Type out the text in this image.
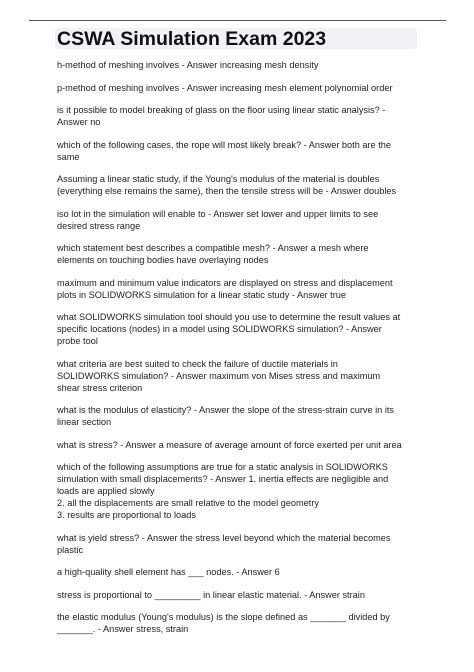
CSWA Simulation Exam 2023

h-method of meshing involves - Answer increasing mesh density

p-method of meshing involves - Answer increasing mesh element polynomial order

is it possible to model breaking of glass on the floor using linear static analysis? -
Answer no

which of the following cases, the rope will most likely break? - Answer both are the
same

Assuming a linear static study, if the Young's modulus of the material is doubles
(everything else remains the same), then the tensile stress will be - Answer doubles

iso lot in the simulation will enable to - Answer set lower and upper limits to see
desired stress range

which statement best describes a compatible mesh? - Answer a mesh where
elements on touching bodies have overlaying nodes

maximum and minimum value indicators are displayed on stress and displacement
plots in SOLIDWORKS simulation for a linear static study - Answer true

what SOLIDWORKS simulation tool should you use to determine the result values at
specific locations (nodes) in a model using SOLIDWORKS simulation? - Answer
probe tool

what criteria are best suited to check the failure of ductile materials in
SOLIDWORKS simulation? - Answer maximum von Mises stress and maximum
shear stress criterion

what is the modulus of elasticity? - Answer the slope of the stress-strain curve in its
linear section

what is stress? - Answer a measure of average amount of force exerted per unit area

which of the following assumptions are true for a static analysis in SOLIDWORKS
simulation with small displacements? - Answer 1. inertia effects are negligible and
loads are applied slowly
2. all the displacements are small relative to the model geometry
3. results are proportional to loads

what is yield stress? - Answer the stress level beyond which the material becomes
plastic

a high-quality shell element has ___ nodes. - Answer 6

stress is proportional to _________ in linear elastic material. - Answer strain

the elastic modulus (Young's modulus) is the slope defined as _______ divided by
_______. - Answer stress, strain
